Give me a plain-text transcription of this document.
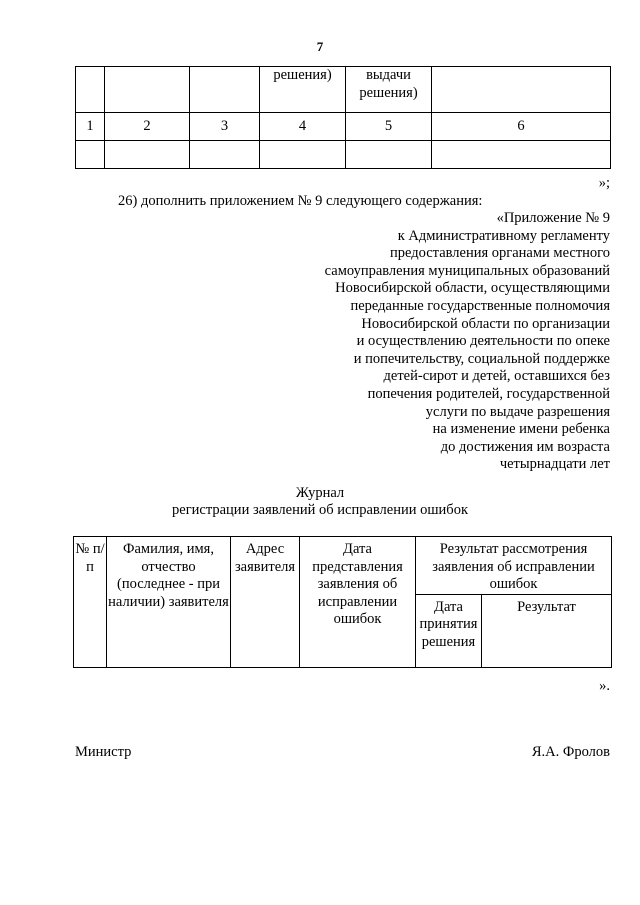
7
			решения)	выдачи решения)	
1	2	3	4	5	6

»;
26) дополнить приложением № 9 следующего содержания:
«Приложение № 9
к Административному регламенту
предоставления органами местного
самоуправления муниципальных образований
Новосибирской области, осуществляющими
переданные государственные полномочия
Новосибирской области по организации
и осуществлению деятельности по опеке
и попечительству, социальной поддержке
детей-сирот и детей, оставшихся без
попечения родителей, государственной
услуги по выдаче разрешения
на изменение имени ребенка
до достижения им возраста
четырнадцати лет
Журнал
регистрации заявлений об исправлении ошибок
№ п/п	Фамилия, имя, отчество (последнее - при наличии) заявителя	Адрес заявителя	Дата представления заявления об исправлении ошибок	Результат рассмотрения заявления об исправлении ошибок	
				Дата принятия решения	Результат
».
Министр	Я.А. Фролов
